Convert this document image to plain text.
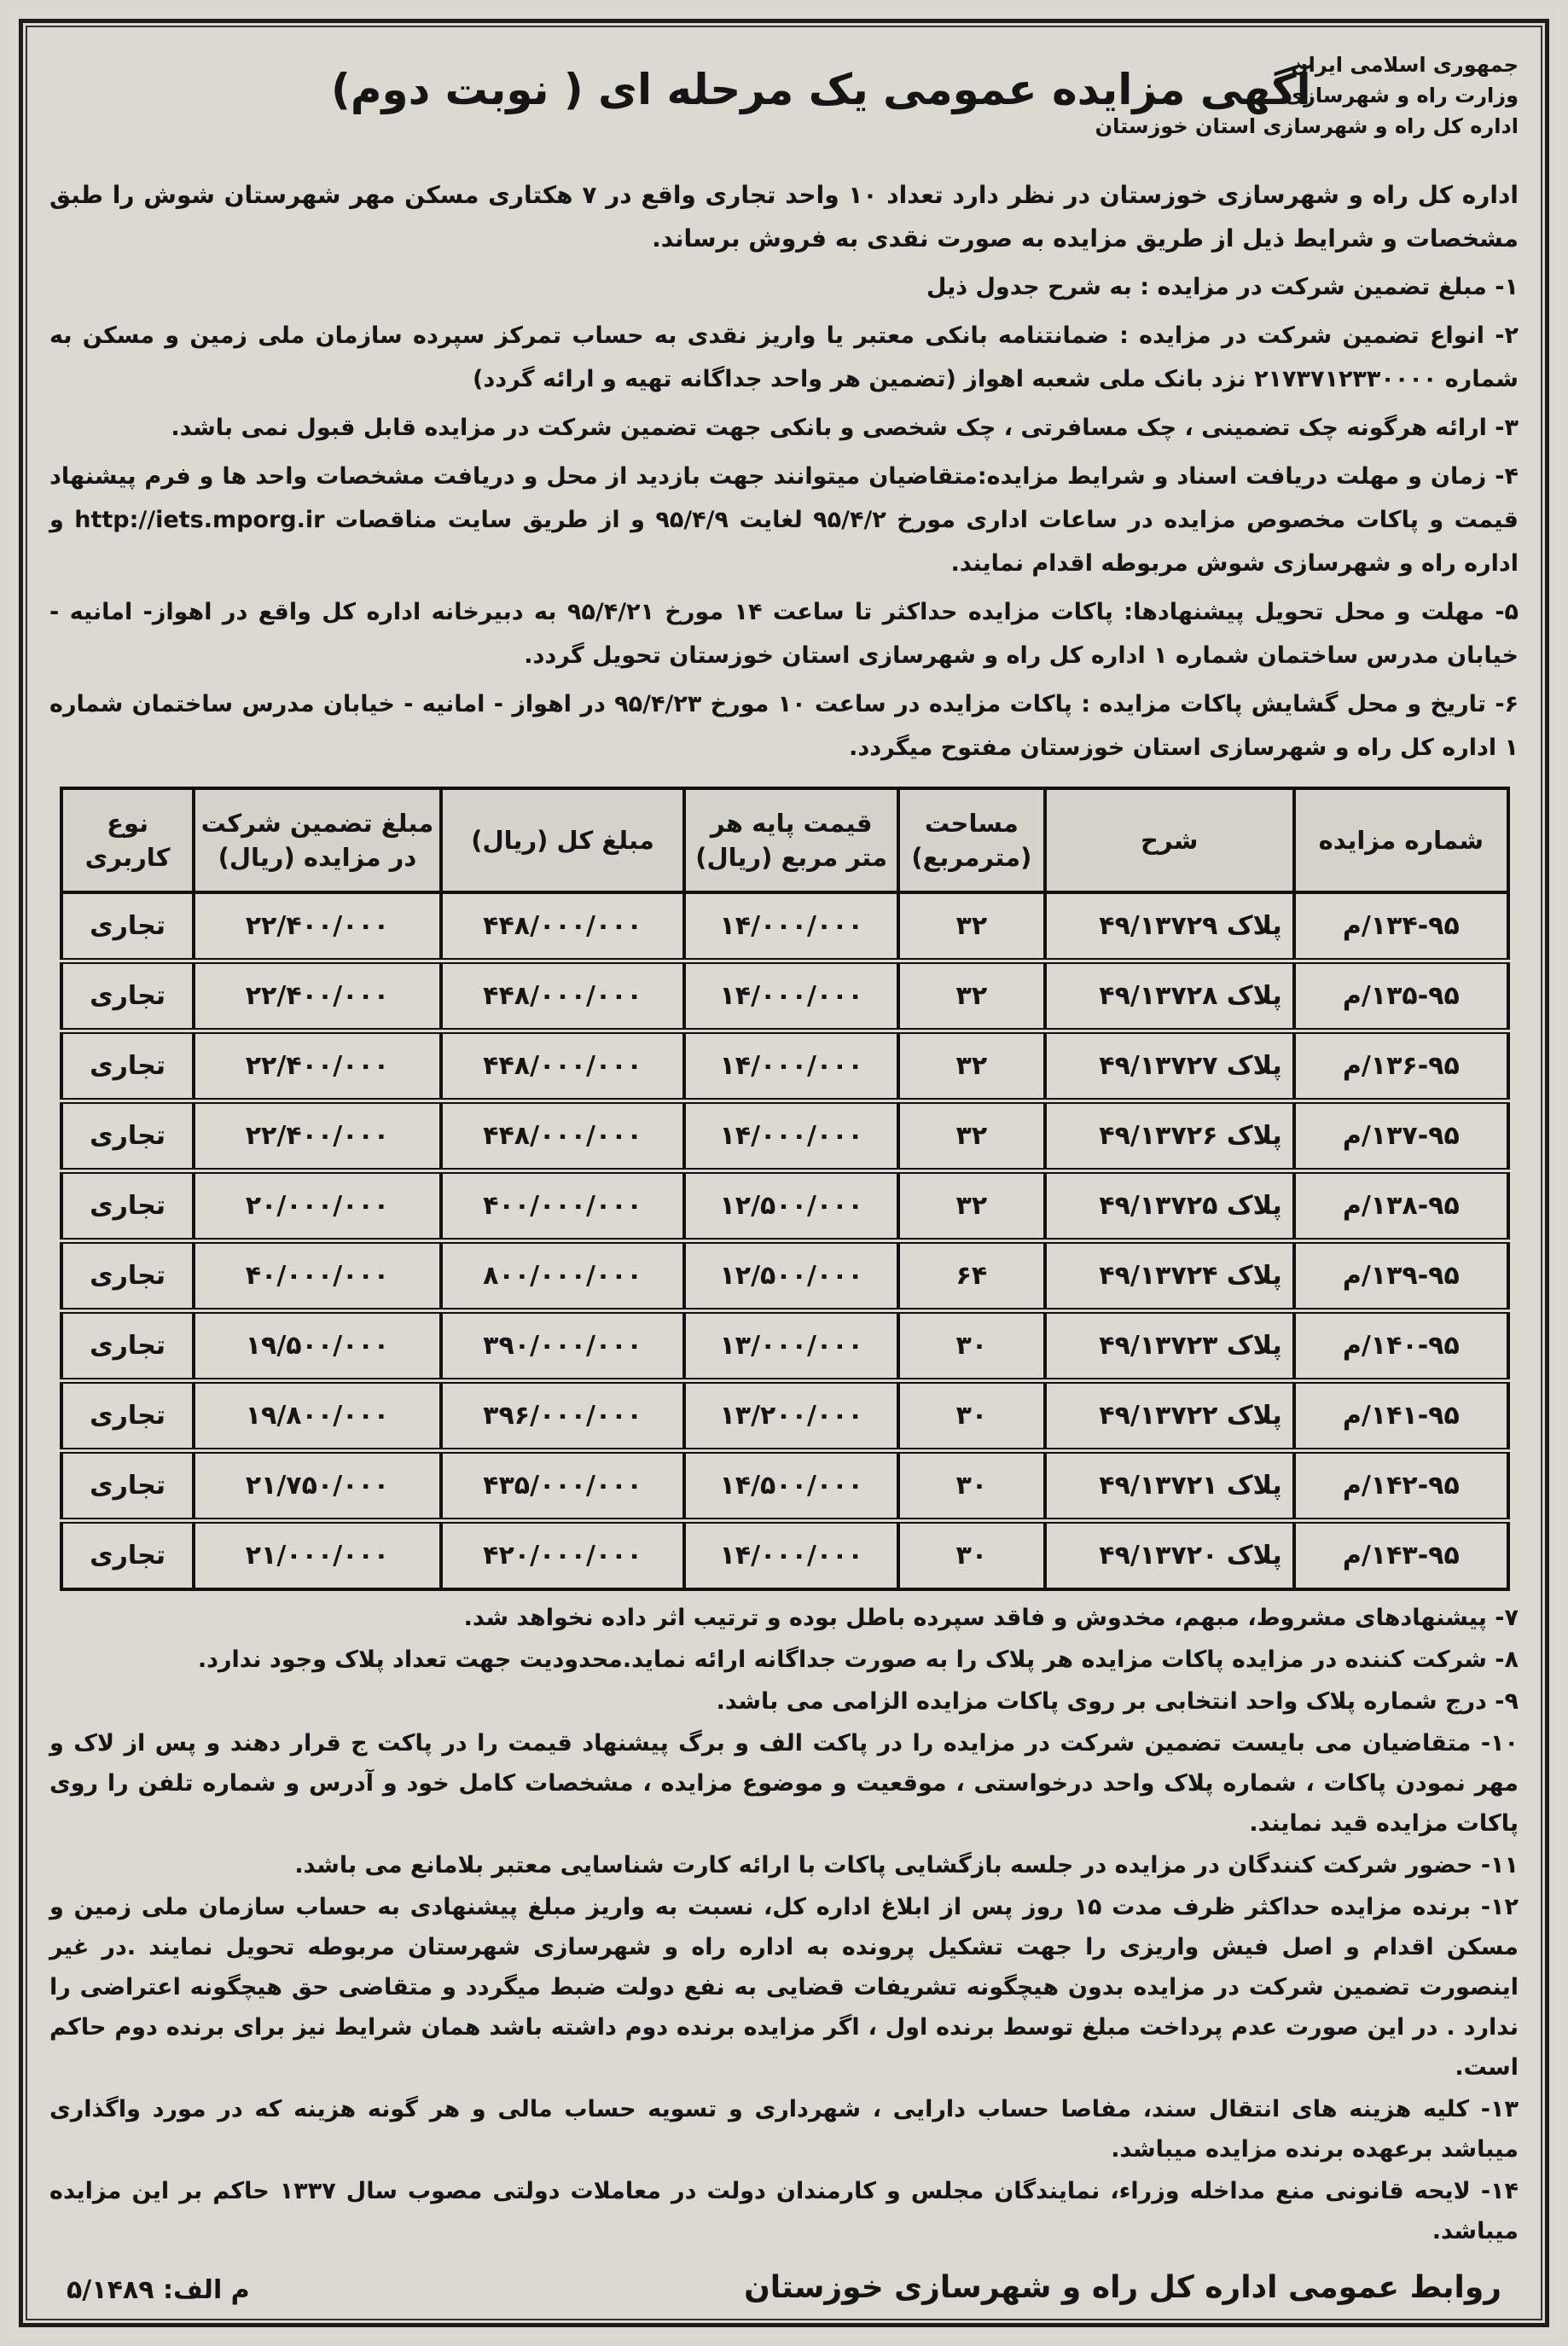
جمهوری اسلامی ایران
وزارت راه و شهرسازی
اداره کل راه و شهرسازی استان خوزستان
آگهی مزایده عمومی یک مرحله ای ( نوبت دوم)

اداره کل راه و شهرسازی خوزستان در نظر دارد تعداد ۱۰ واحد تجاری واقع در ۷ هکتاری مسکن مهر شهرستان شوش را طبق مشخصات و شرایط ذیل از طریق مزایده به صورت نقدی به فروش برساند.

۱- مبلغ تضمین شرکت در مزایده : به شرح جدول ذیل

۲- انواع تضمین شرکت در مزایده : ضمانتنامه بانکی معتبر یا واریز نقدی به حساب تمرکز سپرده سازمان ملی زمین و مسکن به شماره ۲۱۷۳۷۱۲۳۳۰۰۰۰ نزد بانک ملی شعبه اهواز (تضمین هر واحد جداگانه تهیه و ارائه گردد)

۳- ارائه هرگونه چک تضمینی ، چک مسافرتی ، چک شخصی و بانکی جهت تضمین شرکت در مزایده قابل قبول نمی باشد.

۴- زمان و مهلت دریافت اسناد و شرایط مزایده:متقاضیان میتوانند جهت بازدید از محل و دریافت مشخصات واحد ها و فرم پیشنهاد قیمت و پاکات مخصوص مزایده در ساعات اداری مورخ ۹۵/۴/۲ لغایت ۹۵/۴/۹ و از طریق سایت مناقصات http://iets.mporg.ir و اداره راه و شهرسازی شوش مربوطه اقدام نمایند.

۵- مهلت و محل تحویل پیشنهادها: پاکات مزایده حداکثر تا ساعت ۱۴ مورخ ۹۵/۴/۲۱ به دبیرخانه اداره کل واقع در اهواز- امانیه - خیابان مدرس ساختمان شماره ۱ اداره کل راه و شهرسازی استان خوزستان تحویل گردد.

۶- تاریخ و محل گشایش پاکات مزایده : پاکات مزایده در ساعت ۱۰ مورخ ۹۵/۴/۲۳ در اهواز - امانیه - خیابان مدرس ساختمان شماره ۱ اداره کل راه و شهرسازی استان خوزستان مفتوح میگردد.

شماره مزایده	شرح	مساحت (مترمربع)	قیمت پایه هر متر مربع (ریال)	مبلغ کل (ریال)	مبلغ تضمین شرکت در مزایده (ریال)	نوع کاربری
۱۳۴-۹۵/م	پلاک ۴۹/۱۳۷۲۹	۳۲	۱۴/۰۰۰/۰۰۰	۴۴۸/۰۰۰/۰۰۰	۲۲/۴۰۰/۰۰۰	تجاری
۱۳۵-۹۵/م	پلاک ۴۹/۱۳۷۲۸	۳۲	۱۴/۰۰۰/۰۰۰	۴۴۸/۰۰۰/۰۰۰	۲۲/۴۰۰/۰۰۰	تجاری
۱۳۶-۹۵/م	پلاک ۴۹/۱۳۷۲۷	۳۲	۱۴/۰۰۰/۰۰۰	۴۴۸/۰۰۰/۰۰۰	۲۲/۴۰۰/۰۰۰	تجاری
۱۳۷-۹۵/م	پلاک ۴۹/۱۳۷۲۶	۳۲	۱۴/۰۰۰/۰۰۰	۴۴۸/۰۰۰/۰۰۰	۲۲/۴۰۰/۰۰۰	تجاری
۱۳۸-۹۵/م	پلاک ۴۹/۱۳۷۲۵	۳۲	۱۲/۵۰۰/۰۰۰	۴۰۰/۰۰۰/۰۰۰	۲۰/۰۰۰/۰۰۰	تجاری
۱۳۹-۹۵/م	پلاک ۴۹/۱۳۷۲۴	۶۴	۱۲/۵۰۰/۰۰۰	۸۰۰/۰۰۰/۰۰۰	۴۰/۰۰۰/۰۰۰	تجاری
۱۴۰-۹۵/م	پلاک ۴۹/۱۳۷۲۳	۳۰	۱۳/۰۰۰/۰۰۰	۳۹۰/۰۰۰/۰۰۰	۱۹/۵۰۰/۰۰۰	تجاری
۱۴۱-۹۵/م	پلاک ۴۹/۱۳۷۲۲	۳۰	۱۳/۲۰۰/۰۰۰	۳۹۶/۰۰۰/۰۰۰	۱۹/۸۰۰/۰۰۰	تجاری
۱۴۲-۹۵/م	پلاک ۴۹/۱۳۷۲۱	۳۰	۱۴/۵۰۰/۰۰۰	۴۳۵/۰۰۰/۰۰۰	۲۱/۷۵۰/۰۰۰	تجاری
۱۴۳-۹۵/م	پلاک ۴۹/۱۳۷۲۰	۳۰	۱۴/۰۰۰/۰۰۰	۴۲۰/۰۰۰/۰۰۰	۲۱/۰۰۰/۰۰۰	تجاری

۷- پیشنهادهای مشروط، مبهم، مخدوش و فاقد سپرده باطل بوده و ترتیب اثر داده نخواهد شد.

۸- شرکت کننده در مزایده پاکات مزایده هر پلاک را به صورت جداگانه ارائه نماید.محدودیت جهت تعداد پلاک وجود ندارد.

۹- درج شماره پلاک واحد انتخابی بر روی پاکات مزایده الزامی می باشد.

۱۰- متقاضیان می بایست تضمین شرکت در مزایده را در پاکت الف و برگ پیشنهاد قیمت را در پاکت ج قرار دهند و پس از لاک و مهر نمودن پاکات ، شماره پلاک واحد درخواستی ، موقعیت و موضوع مزایده ، مشخصات کامل خود و آدرس و شماره تلفن را روی پاکات مزایده قید نمایند.

۱۱- حضور شرکت کنندگان در مزایده در جلسه بازگشایی پاکات با ارائه کارت شناسایی معتبر بلامانع می باشد.

۱۲- برنده مزایده حداکثر ظرف مدت ۱۵ روز پس از ابلاغ اداره کل، نسبت به واریز مبلغ پیشنهادی به حساب سازمان ملی زمین و مسکن اقدام و اصل فیش واریزی را جهت تشکیل پرونده به اداره راه و شهرسازی شهرستان مربوطه تحویل نمایند .در غیر اینصورت تضمین شرکت در مزایده بدون هیچگونه تشریفات قضایی به نفع دولت ضبط میگردد و متقاضی حق هیچگونه اعتراضی را ندارد . در این صورت عدم پرداخت مبلغ توسط برنده اول ، اگر مزایده برنده دوم داشته باشد همان شرایط نیز برای برنده دوم حاکم است.

۱۳- کلیه هزینه های انتقال سند، مفاصا حساب دارایی ، شهرداری و تسویه حساب مالی و هر گونه هزینه که در مورد واگذاری میباشد برعهده برنده مزایده میباشد.

۱۴- لایحه قانونی منع مداخله وزراء، نمایندگان مجلس و کارمندان دولت در معاملات دولتی مصوب سال ۱۳۳۷ حاکم بر این مزایده میباشد.

روابط عمومی اداره کل راه و شهرسازی خوزستان
م الف: ۵/۱۴۸۹
